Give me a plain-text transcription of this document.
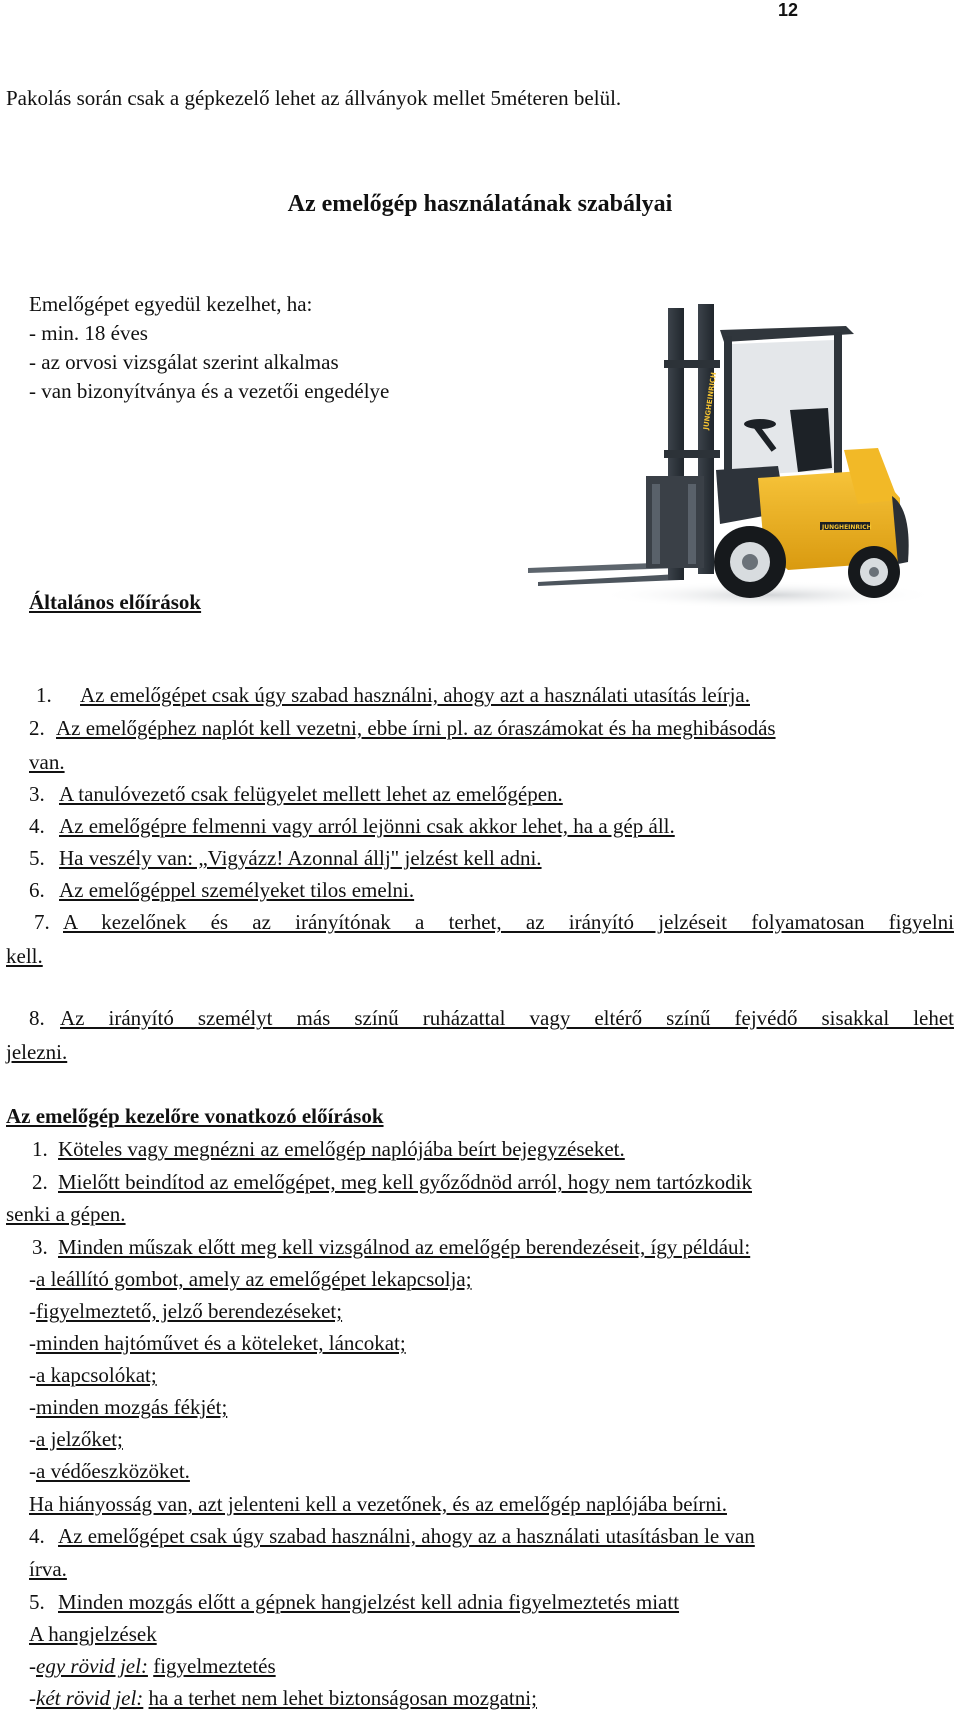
12
Pakolás során csak a gépkezelő lehet az állványok mellet 5méteren belül.
Az emelőgép használatának szabályai
Emelőgépet egyedül kezelhet, ha:
- min. 18 éves
- az orvosi vizsgálat szerint alkalmas
- van bizonyítványa és a vezetői engedélye
JUNGHEINRICH
JUNGHEINRICH
Általános előírások
1. Az emelőgépet csak úgy szabad használni, ahogy azt a használati utasítás leírja.
2. Az emelőgéphez naplót kell vezetni, ebbe írni pl. az óraszámokat és ha meghibásodás
van.
3. A tanulóvezető csak felügyelet mellett lehet az emelőgépen.
4. Az emelőgépre felmenni vagy arról lejönni csak akkor lehet, ha a gép áll.
5. Ha veszély van: „Vigyázz! Azonnal állj" jelzést kell adni.
6. Az emelőgéppel személyeket tilos emelni.
7. A kezelőnek és az irányítónak a terhet, az irányító jelzéseit folyamatosan figyelni
kell.
8. Az irányító személyt más színű ruházattal vagy eltérő színű fejvédő sisakkal lehet
jelezni.
Az emelőgép kezelőre vonatkozó előírások
1. Köteles vagy megnézni az emelőgép naplójába beírt bejegyzéseket.
2. Mielőtt beindítod az emelőgépet, meg kell győződnöd arról, hogy nem tartózkodik
senki a gépen.
3. Minden műszak előtt meg kell vizsgálnod az emelőgép berendezéseit, így például:
-a leállító gombot, amely az emelőgépet lekapcsolja;
-figyelmeztető, jelző berendezéseket;
-minden hajtóművet és a köteleket, láncokat;
-a kapcsolókat;
-minden mozgás fékjét;
-a jelzőket;
-a védőeszközöket.
Ha hiányosság van, azt jelenteni kell a vezetőnek, és az emelőgép naplójába beírni.
4. Az emelőgépet csak úgy szabad használni, ahogy az a használati utasításban le van
írva.
5. Minden mozgás előtt a gépnek hangjelzést kell adnia figyelmeztetés miatt
A hangjelzések
-egy rövid jel: figyelmeztetés
-két rövid jel: ha a terhet nem lehet biztonságosan mozgatni;
